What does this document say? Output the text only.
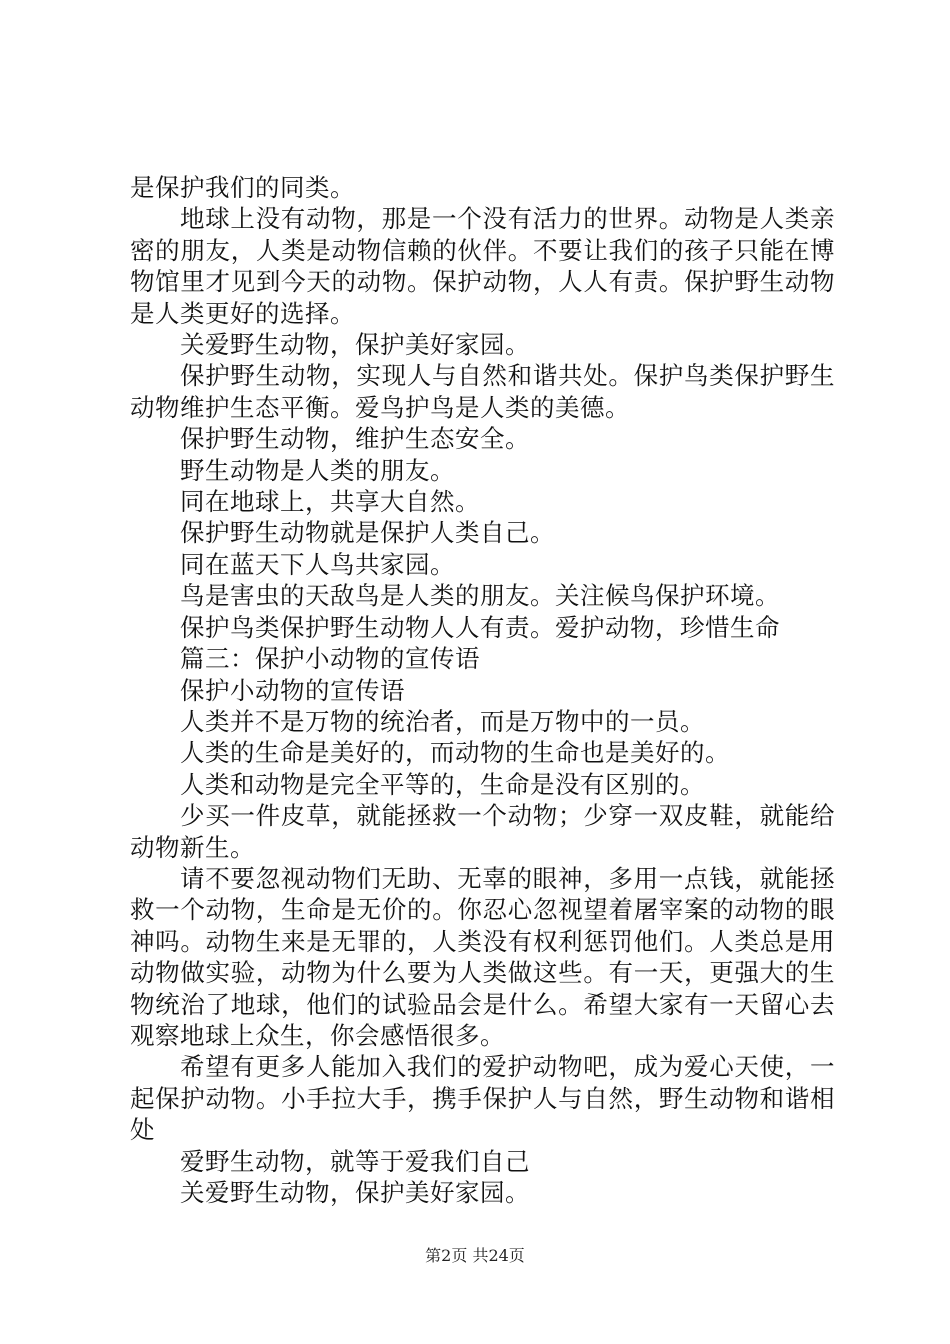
是保护我们的同类。

地球上没有动物，那是一个没有活力的世界。动物是人类亲密的朋友，人类是动物信赖的伙伴。不要让我们的孩子只能在博物馆里才见到今天的动物。保护动物，人人有责。保护野生动物是人类更好的选择。

关爱野生动物，保护美好家园。

保护野生动物，实现人与自然和谐共处。保护鸟类保护野生动物维护生态平衡。爱鸟护鸟是人类的美德。

保护野生动物，维护生态安全。

野生动物是人类的朋友。

同在地球上，共享大自然。

保护野生动物就是保护人类自己。

同在蓝天下人鸟共家园。

鸟是害虫的天敌鸟是人类的朋友。关注候鸟保护环境。

保护鸟类保护野生动物人人有责。爱护动物，珍惜生命

篇三：保护小动物的宣传语

保护小动物的宣传语

人类并不是万物的统治者，而是万物中的一员。

人类的生命是美好的，而动物的生命也是美好的。

人类和动物是完全平等的，生命是没有区别的。

少买一件皮草，就能拯救一个动物；少穿一双皮鞋，就能给动物新生。

请不要忽视动物们无助、无辜的眼神，多用一点钱，就能拯救一个动物，生命是无价的。你忍心忽视望着屠宰案的动物的眼神吗。动物生来是无罪的，人类没有权利惩罚他们。人类总是用动物做实验，动物为什么要为人类做这些。有一天，更强大的生物统治了地球，他们的试验品会是什么。希望大家有一天留心去观察地球上众生，你会感悟很多。

希望有更多人能加入我们的爱护动物吧，成为爱心天使，一起保护动物。小手拉大手，携手保护人与自然，野生动物和谐相处

爱野生动物，就等于爱我们自己

关爱野生动物，保护美好家园。

第2页 共24页
